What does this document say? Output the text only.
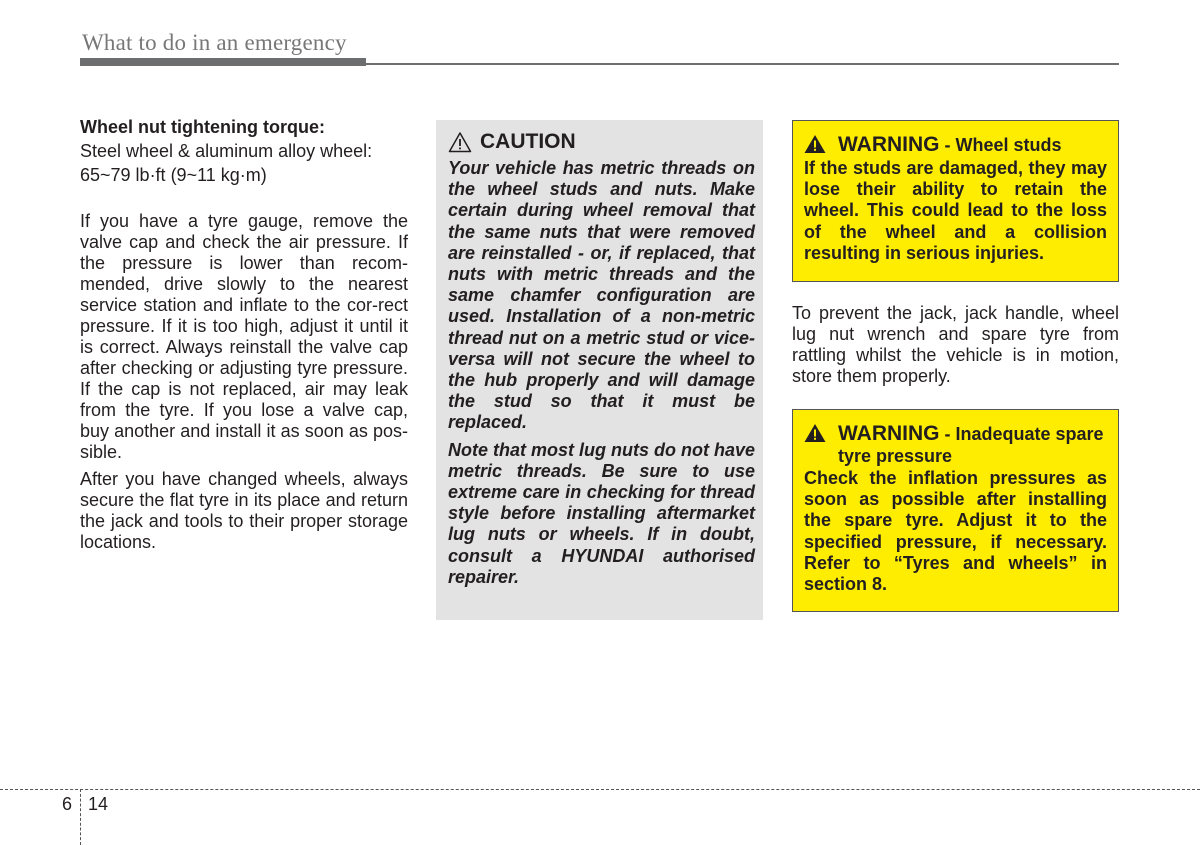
What to do in an emergency

Wheel nut tightening torque:

Steel wheel & aluminum alloy wheel:

65~79 lb·ft (9~11 kg·m)

If you have a tyre gauge, remove the valve cap and check the air pressure. If the pressure is lower than recom-mended, drive slowly to the nearest service station and inflate to the cor-rect pressure. If it is too high, adjust it until it is correct. Always reinstall the valve cap after checking or adjusting tyre pressure. If the cap is not replaced, air may leak from the tyre. If you lose a valve cap, buy another and install it as soon as pos-sible.

After you have changed wheels, always secure the flat tyre in its place and return the jack and tools to their proper storage locations.

CAUTION

Your vehicle has metric threads on the wheel studs and nuts. Make certain during wheel removal that the same nuts that were removed are reinstalled - or, if replaced, that nuts with metric threads and the same chamfer configuration are used. Installation of a non-metric thread nut on a metric stud or vice-versa will not secure the wheel to the hub properly and will damage the stud so that it must be replaced.

Note that most lug nuts do not have metric threads. Be sure to use extreme care in checking for thread style before installing aftermarket lug nuts or wheels. If in doubt, consult a HYUNDAI authorised repairer.

WARNING - Wheel studs

If the studs are damaged, they may lose their ability to retain the wheel. This could lead to the loss of the wheel and a collision resulting in serious injuries.

To prevent the jack, jack handle, wheel lug nut wrench and spare tyre from rattling whilst the vehicle is in motion, store them properly.

WARNING - Inadequate spare tyre pressure

Check the inflation pressures as soon as possible after installing the spare tyre. Adjust it to the specified pressure, if necessary. Refer to “Tyres and wheels” in section 8.

6 14
